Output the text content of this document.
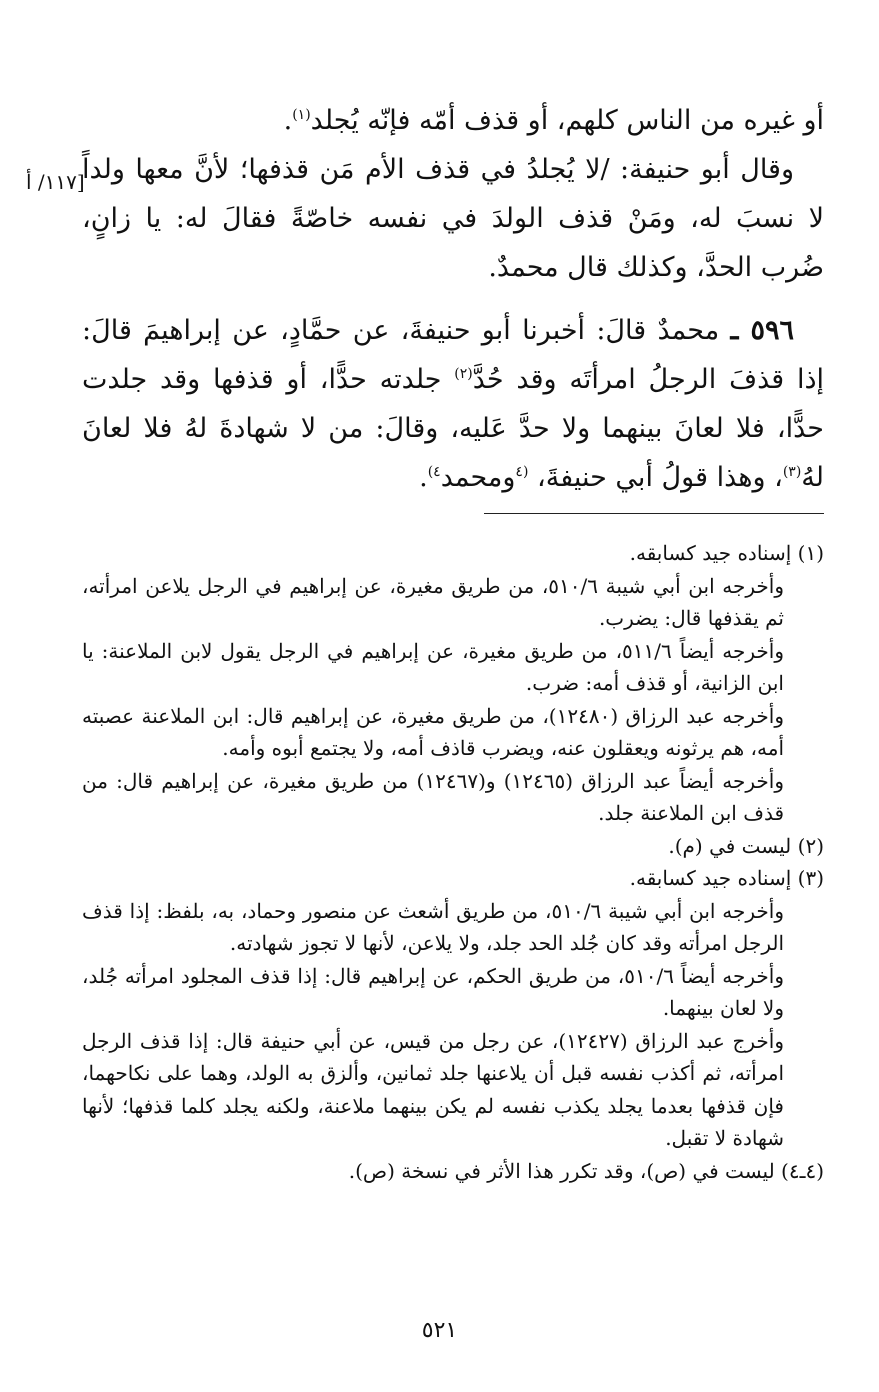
[١١٧/ أ

أو غيره من الناس كلهم، أو قذف أمّه فإنّه يُجلد$^{(١)}$.

وقال أبو حنيفة: /لا يُجلدُ في قذف الأم مَن قذفها؛ لأنَّ معها ولداً لا نسبَ له، ومَنْ قذف الولدَ في نفسه خاصّةً فقالَ له: يا زانٍ، ضُرب الحدَّ، وكذلك قال محمدٌ.

٥٩٦ ـ محمدٌ قالَ: أخبرنا أبو حنيفةَ، عن حمَّادٍ، عن إبراهيمَ قالَ: إذا قذفَ الرجلُ امرأتَه وقد حُدَّ$^{(٢)}$ جلدته حدًّا، أو قذفها وقد جلدت حدًّا، فلا لعانَ بينهما ولا حدَّ عَليه، وقالَ: من لا شهادةَ لهُ فلا لعانَ لهُ$^{(٣)}$، وهذا قولُ أبي حنيفةَ، $^{(٤}$ومحمد$^{٤)}$.

(١) إسناده جيد كسابقه.

وأخرجه ابن أبي شيبة ٥١٠/٦، من طريق مغيرة، عن إبراهيم في الرجل يلاعن امرأته، ثم يقذفها قال: يضرب.

وأخرجه أيضاً ٥١١/٦، من طريق مغيرة، عن إبراهيم في الرجل يقول لابن الملاعنة: يا ابن الزانية، أو قذف أمه: ضرب.

وأخرجه عبد الرزاق (١٢٤٨٠)، من طريق مغيرة، عن إبراهيم قال: ابن الملاعنة عصبته أمه، هم يرثونه ويعقلون عنه، ويضرب قاذف أمه، ولا يجتمع أبوه وأمه.

وأخرجه أيضاً عبد الرزاق (١٢٤٦٥) و(١٢٤٦٧) من طريق مغيرة، عن إبراهيم قال: من قذف ابن الملاعنة جلد.

(٢) ليست في (م).

(٣) إسناده جيد كسابقه.

وأخرجه ابن أبي شيبة ٥١٠/٦، من طريق أشعث عن منصور وحماد، به، بلفظ: إذا قذف الرجل امرأته وقد كان جُلد الحد جلد، ولا يلاعن، لأنها لا تجوز شهادته.

وأخرجه أيضاً ٥١٠/٦، من طريق الحكم، عن إبراهيم قال: إذا قذف المجلود امرأته جُلد، ولا لعان بينهما.

وأخرج عبد الرزاق (١٢٤٢٧)، عن رجل من قيس، عن أبي حنيفة قال: إذا قذف الرجل امرأته، ثم أكذب نفسه قبل أن يلاعنها جلد ثمانين، وألزق به الولد، وهما على نكاحهما، فإن قذفها بعدما يجلد يكذب نفسه لم يكن بينهما ملاعنة، ولكنه يجلد كلما قذفها؛ لأنها شهادة لا تقبل.

(٤ـ٤) ليست في (ص)، وقد تكرر هذا الأثر في نسخة (ص).

٥٢١
